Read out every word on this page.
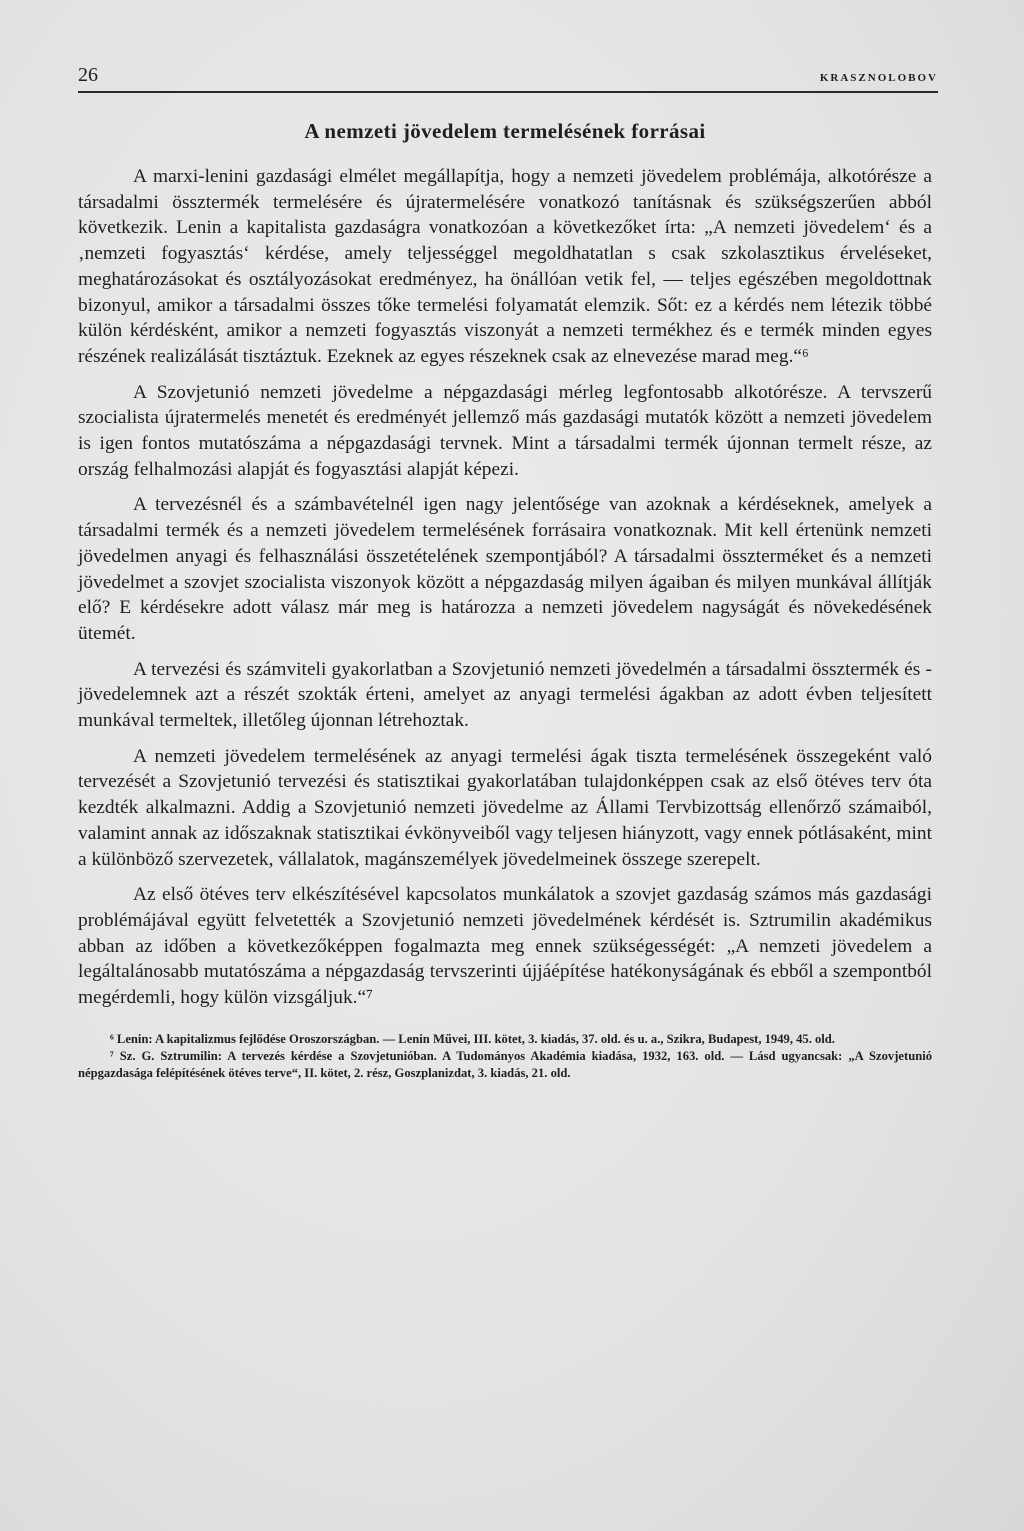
26	KRASZNOLOBOV
A nemzeti jövedelem termelésének forrásai

A marxi-lenini gazdasági elmélet megállapítja, hogy a nemzeti jövedelem problémája, alkotórésze a társadalmi össztermék termelésére és újratermelésére vonatkozó tanításnak és szükségszerűen abból következik. Lenin a kapitalista gazdaságra vonatkozóan a következőket írta: „A nemzeti jövedelem‘ és a ‚nemzeti fogyasztás‘ kérdése, amely teljességgel megoldhatatlan s csak szkolasztikus érveléseket, meghatározásokat és osztályozásokat eredményez, ha önállóan vetik fel, — teljes egészében megoldottnak bizonyul, amikor a társadalmi összes tőke termelési folyamatát elemzik. Sőt: ez a kérdés nem létezik többé külön kérdésként, amikor a nemzeti fogyasztás viszonyát a nemzeti termékhez és e termék minden egyes részének realizálását tisztáztuk. Ezeknek az egyes részeknek csak az elnevezése marad meg.“⁶

A Szovjetunió nemzeti jövedelme a népgazdasági mérleg legfontosabb alkotórésze. A tervszerű szocialista újratermelés menetét és eredményét jellemző más gazdasági mutatók között a nemzeti jövedelem is igen fontos mutatószáma a népgazdasági tervnek. Mint a társadalmi termék újonnan termelt része, az ország felhalmozási alapját és fogyasztási alapját képezi.

A tervezésnél és a számbavételnél igen nagy jelentősége van azoknak a kérdéseknek, amelyek a társadalmi termék és a nemzeti jövedelem termelésének forrásaira vonatkoznak. Mit kell értenünk nemzeti jövedelmen anyagi és felhasználási összetételének szempontjából? A társadalmi összterméket és a nemzeti jövedelmet a szovjet szocialista viszonyok között a népgazdaság milyen ágaiban és milyen munkával állítják elő? E kérdésekre adott válasz már meg is határozza a nemzeti jövedelem nagyságát és növekedésének ütemét.

A tervezési és számviteli gyakorlatban a Szovjetunió nemzeti jövedelmén a társadalmi össztermék és -jövedelemnek azt a részét szokták érteni, amelyet az anyagi termelési ágakban az adott évben teljesített munkával termeltek, illetőleg újonnan létrehoztak.

A nemzeti jövedelem termelésének az anyagi termelési ágak tiszta termelésének összegeként való tervezését a Szovjetunió tervezési és statisztikai gyakorlatában tulajdonképpen csak az első ötéves terv óta kezdték alkalmazni. Addig a Szovjetunió nemzeti jövedelme az Állami Tervbizottság ellenőrző számaiból, valamint annak az időszaknak statisztikai évkönyveiből vagy teljesen hiányzott, vagy ennek pótlásaként, mint a különböző szervezetek, vállalatok, magánszemélyek jövedelmeinek összege szerepelt.

Az első ötéves terv elkészítésével kapcsolatos munkálatok a szovjet gazdaság számos más gazdasági problémájával együtt felvetették a Szovjetunió nemzeti jövedelmének kérdését is. Sztrumilin akadémikus abban az időben a következőképpen fogalmazta meg ennek szükségességét: „A nemzeti jövedelem a legáltalánosabb mutatószáma a népgazdaság tervszerinti újjáépítése hatékonyságának és ebből a szempontból megérdemli, hogy külön vizsgáljuk.“⁷

⁶ Lenin: A kapitalizmus fejlődése Oroszországban. — Lenin Művei, III. kötet, 3. kiadás, 37. old. és u. a., Szikra, Budapest, 1949, 45. old.

⁷ Sz. G. Sztrumilin: A tervezés kérdése a Szovjetunióban. A Tudományos Akadémia kiadása, 1932, 163. old. — Lásd ugyancsak: „A Szovjetunió népgazdasága felépítésének ötéves terve“, II. kötet, 2. rész, Goszplanizdat, 3. kiadás, 21. old.
